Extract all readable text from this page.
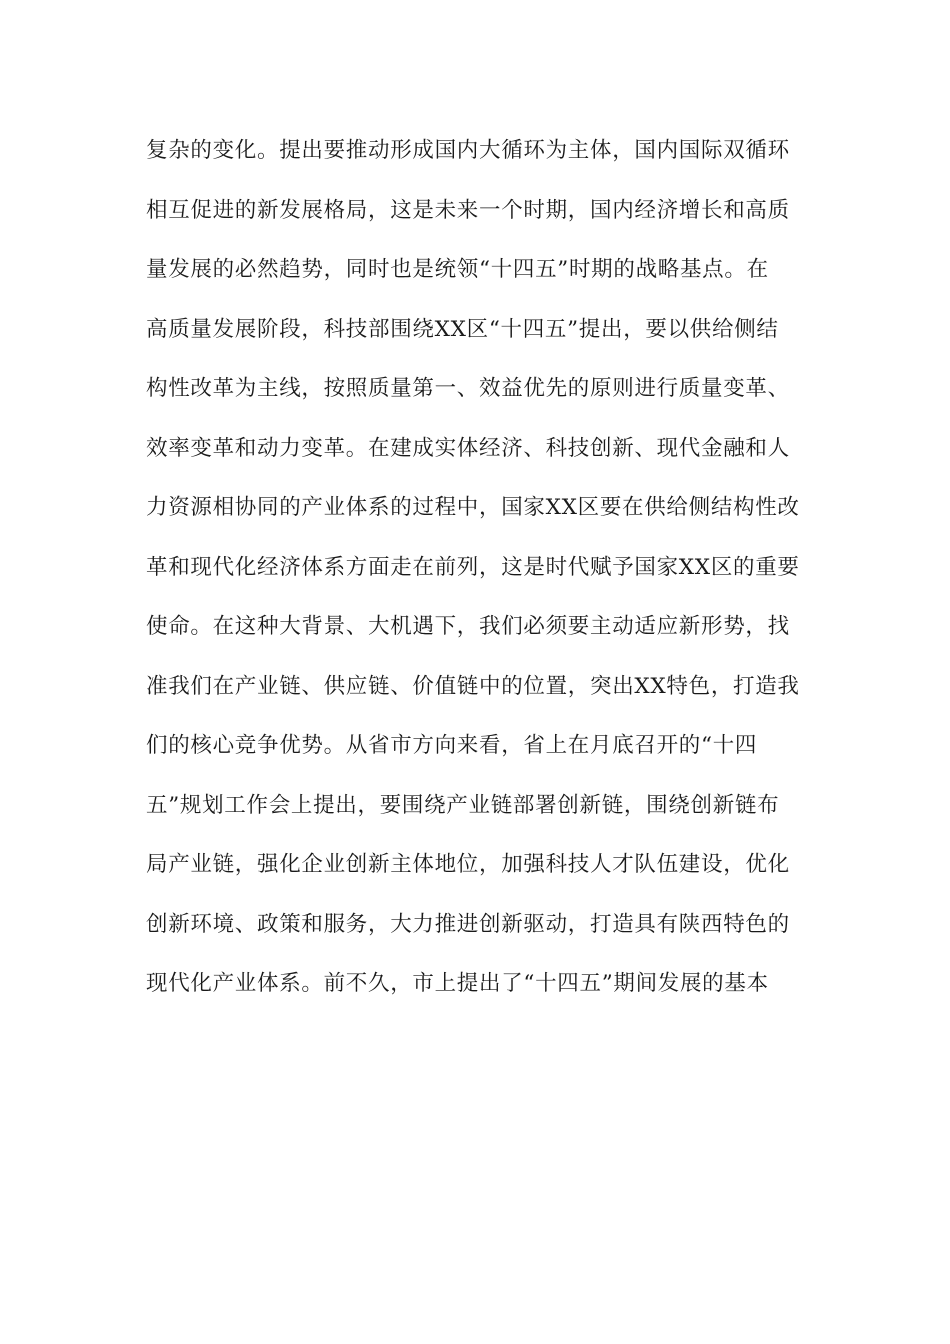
复杂的变化。提出要推动形成国内大循环为主体，国内国际双循环
相互促进的新发展格局，这是未来一个时期，国内经济增长和高质
量发展的必然趋势，同时也是统领“十四五”时期的战略基点。在
高质量发展阶段，科技部围绕XX区“十四五”提出，要以供给侧结
构性改革为主线，按照质量第一、效益优先的原则进行质量变革、
效率变革和动力变革。在建成实体经济、科技创新、现代金融和人
力资源相协同的产业体系的过程中，国家XX区要在供给侧结构性改
革和现代化经济体系方面走在前列，这是时代赋予国家XX区的重要
使命。在这种大背景、大机遇下，我们必须要主动适应新形势，找
准我们在产业链、供应链、价值链中的位置，突出XX特色，打造我
们的核心竞争优势。从省市方向来看，省上在月底召开的“十四
五”规划工作会上提出，要围绕产业链部署创新链，围绕创新链布
局产业链，强化企业创新主体地位，加强科技人才队伍建设，优化
创新环境、政策和服务，大力推进创新驱动，打造具有陕西特色的
现代化产业体系。前不久，市上提出了“十四五”期间发展的基本
